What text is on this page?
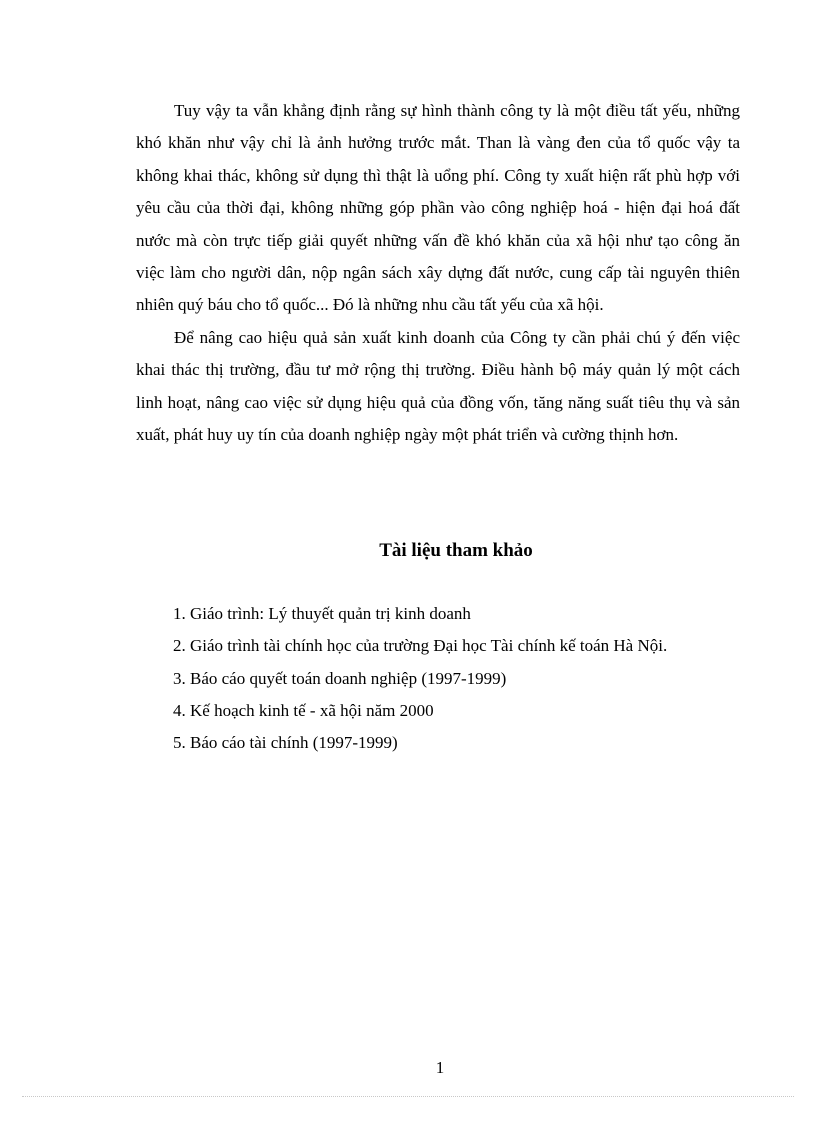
Tuy vậy ta vẫn khẳng định rằng sự hình thành công ty là một điều tất yếu, những khó khăn như vậy chỉ là ảnh hưởng trước mắt. Than là vàng đen của tổ quốc vậy ta không khai thác, không sử dụng thì thật là uổng phí. Công ty xuất hiện rất phù hợp với yêu cầu của thời đại, không những góp phần vào công nghiệp hoá - hiện đại hoá đất nước mà còn trực tiếp giải quyết những vấn đề khó khăn của xã hội như tạo công ăn việc làm cho người dân, nộp ngân sách xây dựng đất nước, cung cấp tài nguyên thiên nhiên quý báu cho tổ quốc... Đó là những nhu cầu tất yếu của xã hội.

Để nâng cao hiệu quả sản xuất kinh doanh của Công ty cần phải chú ý đến việc khai thác thị trường, đầu tư mở rộng thị trường. Điều hành bộ máy quản lý một cách linh hoạt, nâng cao việc sử dụng hiệu quả của đồng vốn, tăng năng suất tiêu thụ và sản xuất, phát huy uy tín của doanh nghiệp ngày một phát triển và cường thịnh hơn.

Tài liệu tham khảo
1. Giáo trình: Lý thuyết quản trị kinh doanh
2. Giáo trình tài chính học của trường Đại học Tài chính kế toán Hà Nội.
3. Báo cáo quyết toán doanh nghiệp (1997-1999)
4. Kế hoạch kinh tế - xã hội năm 2000
5. Báo cáo tài chính (1997-1999)
1
